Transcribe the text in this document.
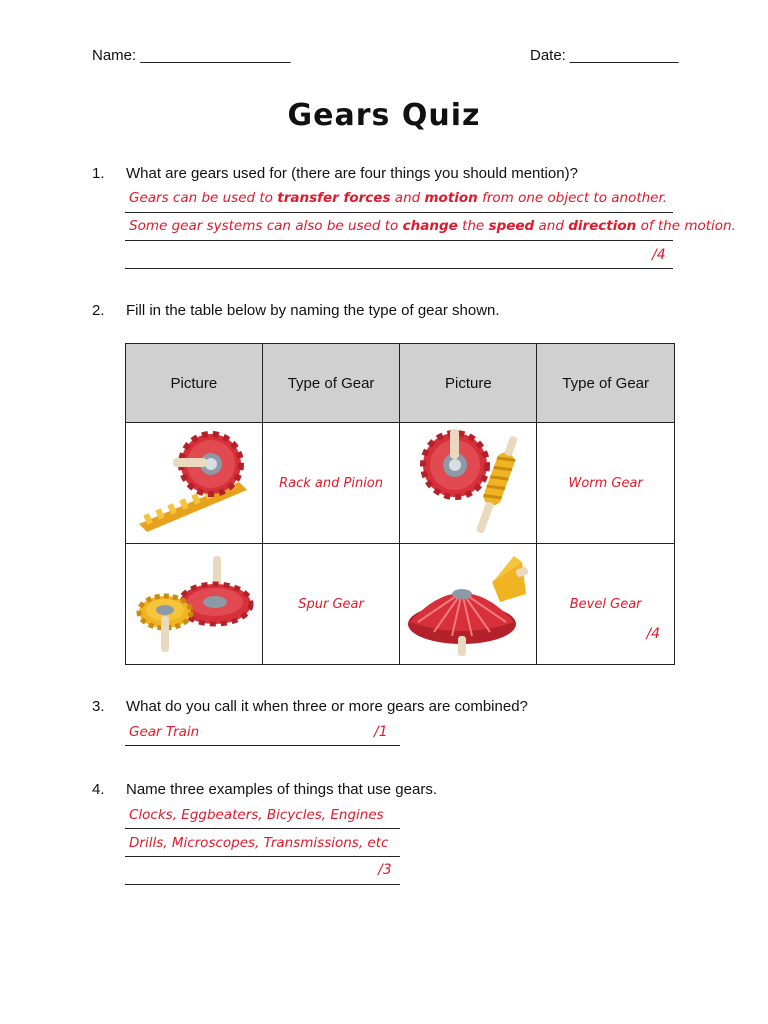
Name: __________________	Date: _____________
Gears Quiz
1. What are gears used for (there are four things you should mention)?
Gears can be used to transfer forces and motion from one object to another.
Some gear systems can also be used to change the speed and direction of the motion.
/4
2. Fill in the table below by naming the type of gear shown.
Picture	Type of Gear	Picture	Type of Gear

	Rack and Pinion		Worm Gear

	Spur Gear		Bevel Gear
/4
3. What do you call it when three or more gears are combined?
Gear Train	/1
4. Name three examples of things that use gears.
Clocks, Eggbeaters, Bicycles, Engines
Drills, Microscopes, Transmissions, etc
/3
